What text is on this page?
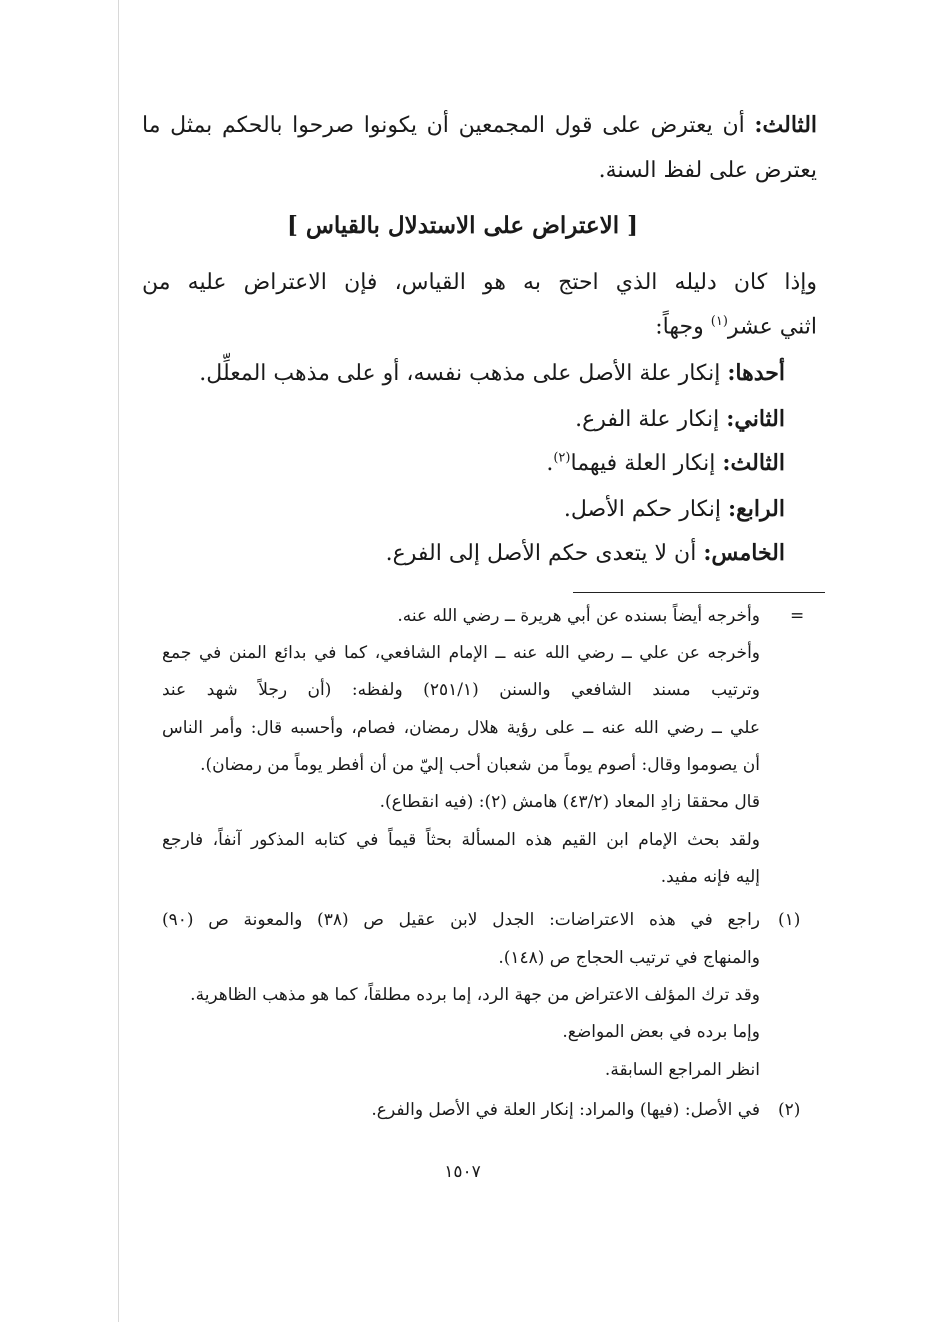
الثالث: أن يعترض على قول المجمعين أن يكونوا صرحوا بالحكم بمثل ما
يعترض على لفظ السنة.
[ الاعتراض على الاستدلال بالقياس ]
وإذا كان دليله الذي احتج به هو القياس، فإن الاعتراض عليه من
اثني عشر$^{(١)}$ وجهاً:
أحدها: إنكار علة الأصل على مذهب نفسه، أو على مذهب المعلِّل.
الثاني: إنكار علة الفرع.
الثالث: إنكار العلة فيهما$^{(٢)}$.
الرابع: إنكار حكم الأصل.
الخامس: أن لا يتعدى حكم الأصل إلى الفرع.
=
وأخرجه أيضاً بسنده عن أبي هريرة ــ رضي الله عنه.
وأخرجه عن علي ــ رضي الله عنه ــ الإمام الشافعي، كما في بدائع المنن في جمع
وترتيب مسند الشافعي والسنن (٢٥١/١) ولفظه: (أن رجلاً شهد عند
علي ــ رضي الله عنه ــ على رؤية هلال رمضان، فصام، وأحسبه قال: وأمر الناس
أن يصوموا وقال: أصوم يوماً من شعبان أحب إليّ من أن أفطر يوماً من رمضان).
قال محققا زادِ المعاد (٤٣/٢) هامش (٢): (فيه انقطاع).
ولقد بحث الإمام ابن القيم هذه المسألة بحثاً قيماً في كتابه المذكور آنفاً، فارجع
إليه فإنه مفيد.
(١)
راجع في هذه الاعتراضات: الجدل لابن عقيل ص (٣٨) والمعونة ص (٩٠)
والمنهاج في ترتيب الحجاج ص (١٤٨).
وقد ترك المؤلف الاعتراض من جهة الرد، إما برده مطلقاً، كما هو مذهب الظاهرية.
وإما برده في بعض المواضع.
انظر المراجع السابقة.
(٢)
في الأصل: (فيها) والمراد: إنكار العلة في الأصل والفرع.
١٥٠٧
